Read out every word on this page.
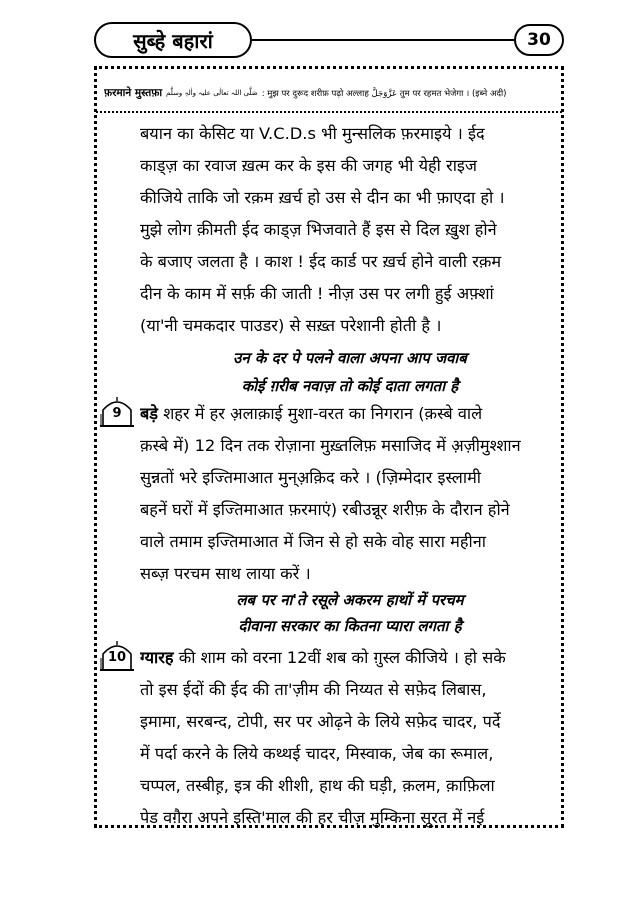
सुब्हे बहारां	30
फ़रमाने मुस्तफ़ा صَلَّی اللہ تعالٰی علیہ واٰلہٖ وسلَّم : मुझ पर दुरूद शरीफ़ पढ़ो अल्लाह عَزَّوَجَلَّ तुम पर रहमत भेजेगा । (इब्ने अदी)
बयान का केसिट या V.C.D.s भी मुन्सलिक फ़रमाइये । ईद
काड्ज़ का रवाज ख़त्म कर के इस की जगह भी येही राइज
कीजिये ताकि जो रक़म ख़र्च हो उस से दीन का भी फ़ाएदा हो ।
मुझे लोग क़ीमती ईद काड्ज़ भिजवाते हैं इस से दिल ख़ुश होने
के बजाए जलता है । काश ! ईद कार्ड पर ख़र्च होने वाली रक़म
दीन के काम में सर्फ़ की जाती ! नीज़ उस पर लगी हुई अफ़्शां
(या'नी चमकदार पाउडर) से सख़्त परेशानी होती है ।
उन के दर पे पलने वाला अपना आप जवाब
कोई ग़रीब नवाज़ तो कोई दाता लगता है
बड़े शहर में हर अ़लाक़ाई मुशा-वरत का निगरान (क़स्बे वाले
क़स्बे में) 12 दिन तक रोज़ाना मुख़्तलिफ़ मसाजिद में अ़ज़ीमुश्शान
सुन्नतों भरे इज्तिमाआत मुन्अ़क़िद करे । (ज़िम्मेदार इस्लामी
बहनें घरों में इज्तिमाआत फ़रमाएं) रबीउन्नूर शरीफ़ के दौरान होने
वाले तमाम इज्तिमाआत में जिन से हो सके वोह सारा महीना
सब्ज़ परचम साथ लाया करें ।
लब पर ना'ते रसूले अकरम हाथों में परचम
दीवाना सरकार का कितना प्यारा लगता है
ग्यारह की शाम को वरना 12वीं शब को ग़ुस्ल कीजिये । हो सके
तो इस ईदों की ईद की ता'ज़ीम की निय्यत से सफ़ेद लिबास,
इमामा, सरबन्द, टोपी, सर पर ओढ़ने के लिये सफ़ेद चादर, पर्दे
में पर्दा करने के लिये कथ्थई चादर, मिस्वाक, जेब का रूमाल,
चप्पल, तस्बीह़, इत्र की शीशी, हाथ की घड़ी, क़लम, क़ाफ़िला
पेड वग़ैरा अपने इस्ति'माल की हर चीज़ मुम्किना सूरत में नई
9
10
